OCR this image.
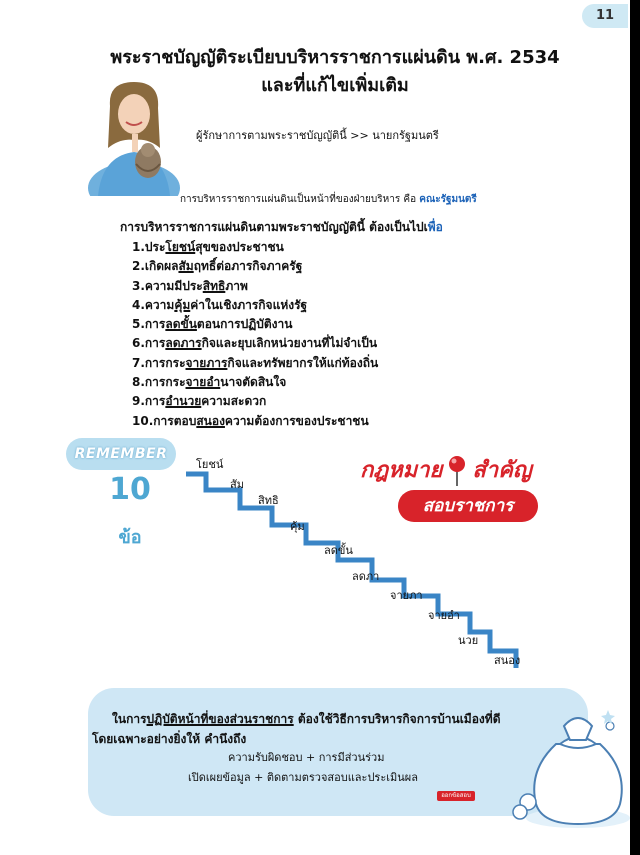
11
พระราชบัญญัติระเบียบบริหารราชการแผ่นดิน พ.ศ. 2534
และที่แก้ไขเพิ่มเติม
ผู้รักษาการตามพระราชบัญญัตินี้ >> นายกรัฐมนตรี
การบริหารราชการแผ่นดินเป็นหน้าที่ของฝ่ายบริหาร คือ คณะรัฐมนตรี
การบริหารราชการแผ่นดินตามพระราชบัญญัตินี้ ต้องเป็นไปเพื่อ
1.ประโยชน์สุขของประชาชน
2.เกิดผลสัมฤทธิ์ต่อภารกิจภาครัฐ
3.ความมีประสิทธิภาพ
4.ความคุ้มค่าในเชิงภารกิจแห่งรัฐ
5.การลดขั้นตอนการปฏิบัติงาน
6.การลดภารกิจและยุบเลิกหน่วยงานที่ไม่จำเป็น
7.การกระจายภารกิจและทรัพยากรให้แก่ท้องถิ่น
8.การกระจายอำนาจตัดสินใจ
9.การอำนวยความสะดวก
10.การตอบสนองความต้องการของประชาชน
REMEMBER
10
ข้อ
โยชน์
สัม
สิทธิ
คุ้ม
ลดขั้น
ลดภา
จายภา
จายอำ
นวย
สนอง
กฎหมาย สำคัญ
สอบราชการ
ในการปฏิบัติหน้าที่ของส่วนราชการ ต้องใช้วิธีการบริหารกิจการบ้านเมืองที่ดี
โดยเฉพาะอย่างยิ่งให้ คำนึงถึง
ความรับผิดชอบ + การมีส่วนร่วม
เปิดเผยข้อมูล + ติดตามตรวจสอบและประเมินผล
ออกข้อสอบ
